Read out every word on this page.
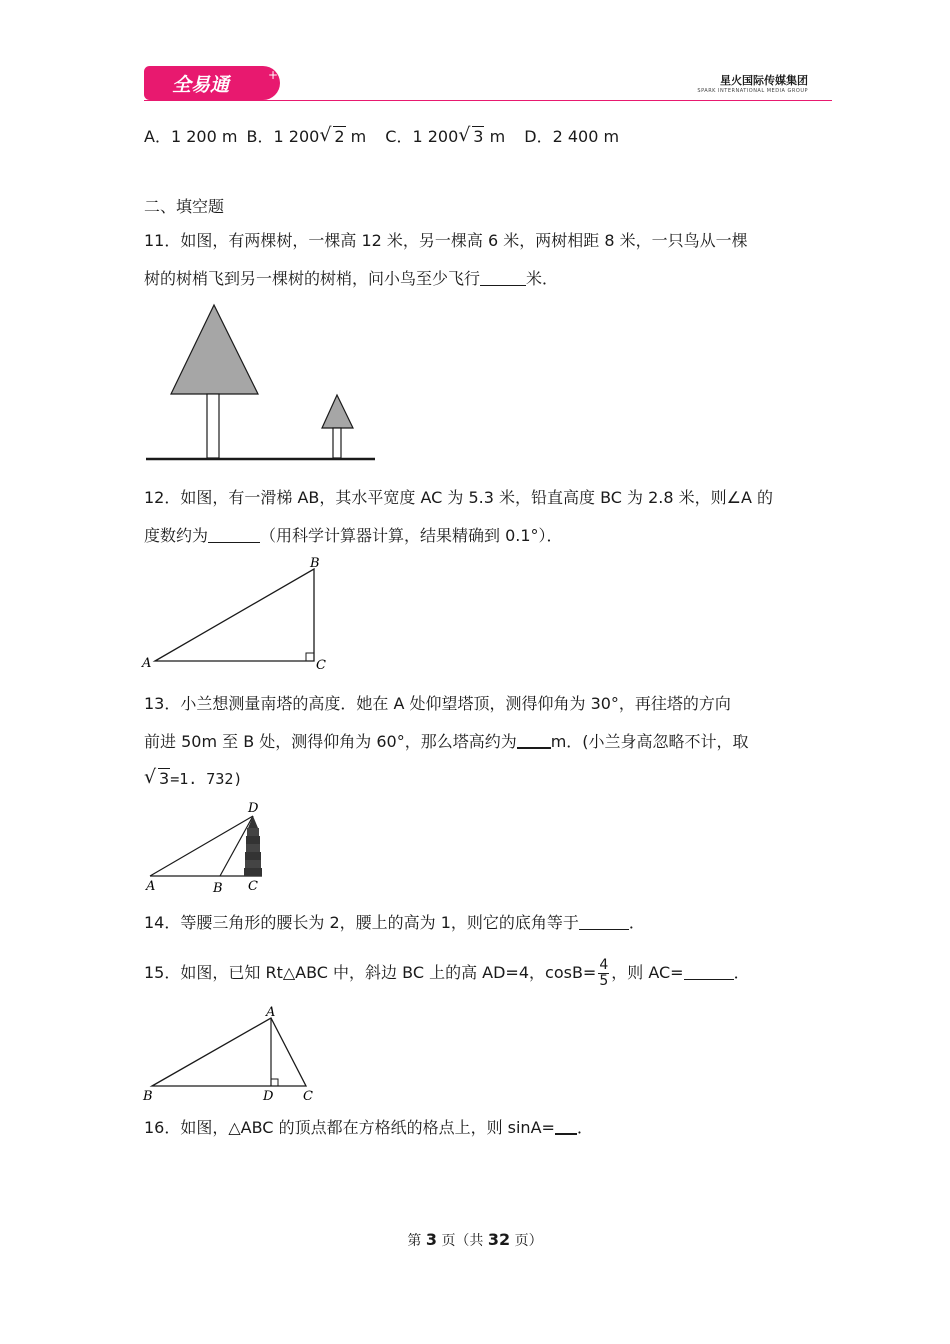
全易通	+	星火国际传媒集团
SPARK INTERNATIONAL MEDIA GROUP
A．1 200 m B．1 200 √ 2 m C．1 200 √ 3 m D．2 400 m
二、填空题
11．如图，有两棵树，一棵高 12 米，另一棵高 6 米，两树相距 8 米，一只鸟从一棵
树的树梢飞到另一棵树的树梢，问小鸟至少飞行	米．
12．如图，有一滑梯 AB，其水平宽度 AC 为 5.3 米，铅直高度 BC 为 2.8 米，则∠A 的
度数约为	（用科学计算器计算，结果精确到 0.1°）．
A
B
C
13．小兰想测量南塔的高度．她在 A 处仰望塔顶，测得仰角为 30°，再往塔的方向
前进 50m 至 B 处，测得仰角为 60°，那么塔高约为 m．(小兰身高忽略不计，取
√ 3=1. 732)
A	B C
D
14．等腰三角形的腰长为 2，腰上的高为 1，则它的底角等于	．
15．如图，已知 Rt△ABC 中，斜边 BC 上的高 AD=4，$\cos B= \frac{4}{5}$ ，则 AC=	．
A
B	D C
16．如图，△ABC 的顶点都在方格纸的格点上，则 sinA= ．
第 3 页（共 32 页）
